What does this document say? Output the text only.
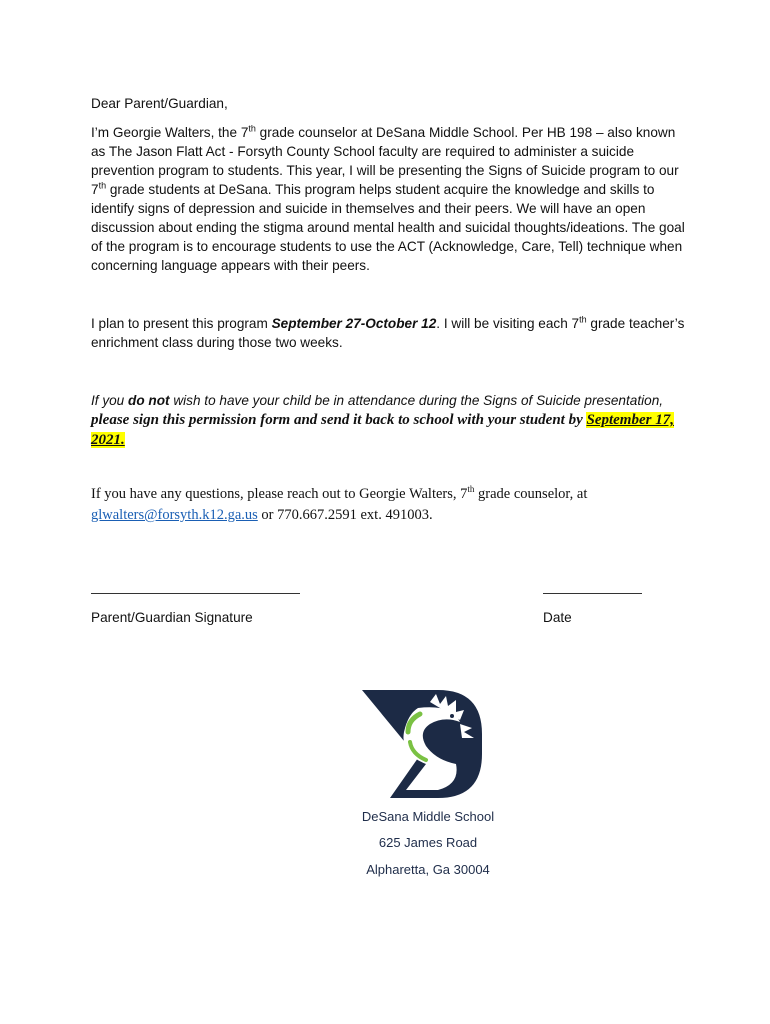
Dear Parent/Guardian,

I’m Georgie Walters, the 7th grade counselor at DeSana Middle School. Per HB 198 – also known as The Jason Flatt Act - Forsyth County School faculty are required to administer a suicide prevention program to students. This year, I will be presenting the Signs of Suicide program to our 7th grade students at DeSana. This program helps student acquire the knowledge and skills to identify signs of depression and suicide in themselves and their peers. We will have an open discussion about ending the stigma around mental health and suicidal thoughts/ideations. The goal of the program is to encourage students to use the ACT (Acknowledge, Care, Tell) technique when concerning language appears with their peers.

I plan to present this program September 27-October 12. I will be visiting each 7th grade teacher’s enrichment class during those two weeks.

If you do not wish to have your child be in attendance during the Signs of Suicide presentation, please sign this permission form and send it back to school with your student by September 17, 2021.

If you have any questions, please reach out to Georgie Walters, 7th grade counselor, at glwalters@forsyth.k12.ga.us or 770.667.2591 ext. 491003.

Parent/Guardian Signature	Date

DeSana Middle School

625 James Road

Alpharetta, Ga 30004
